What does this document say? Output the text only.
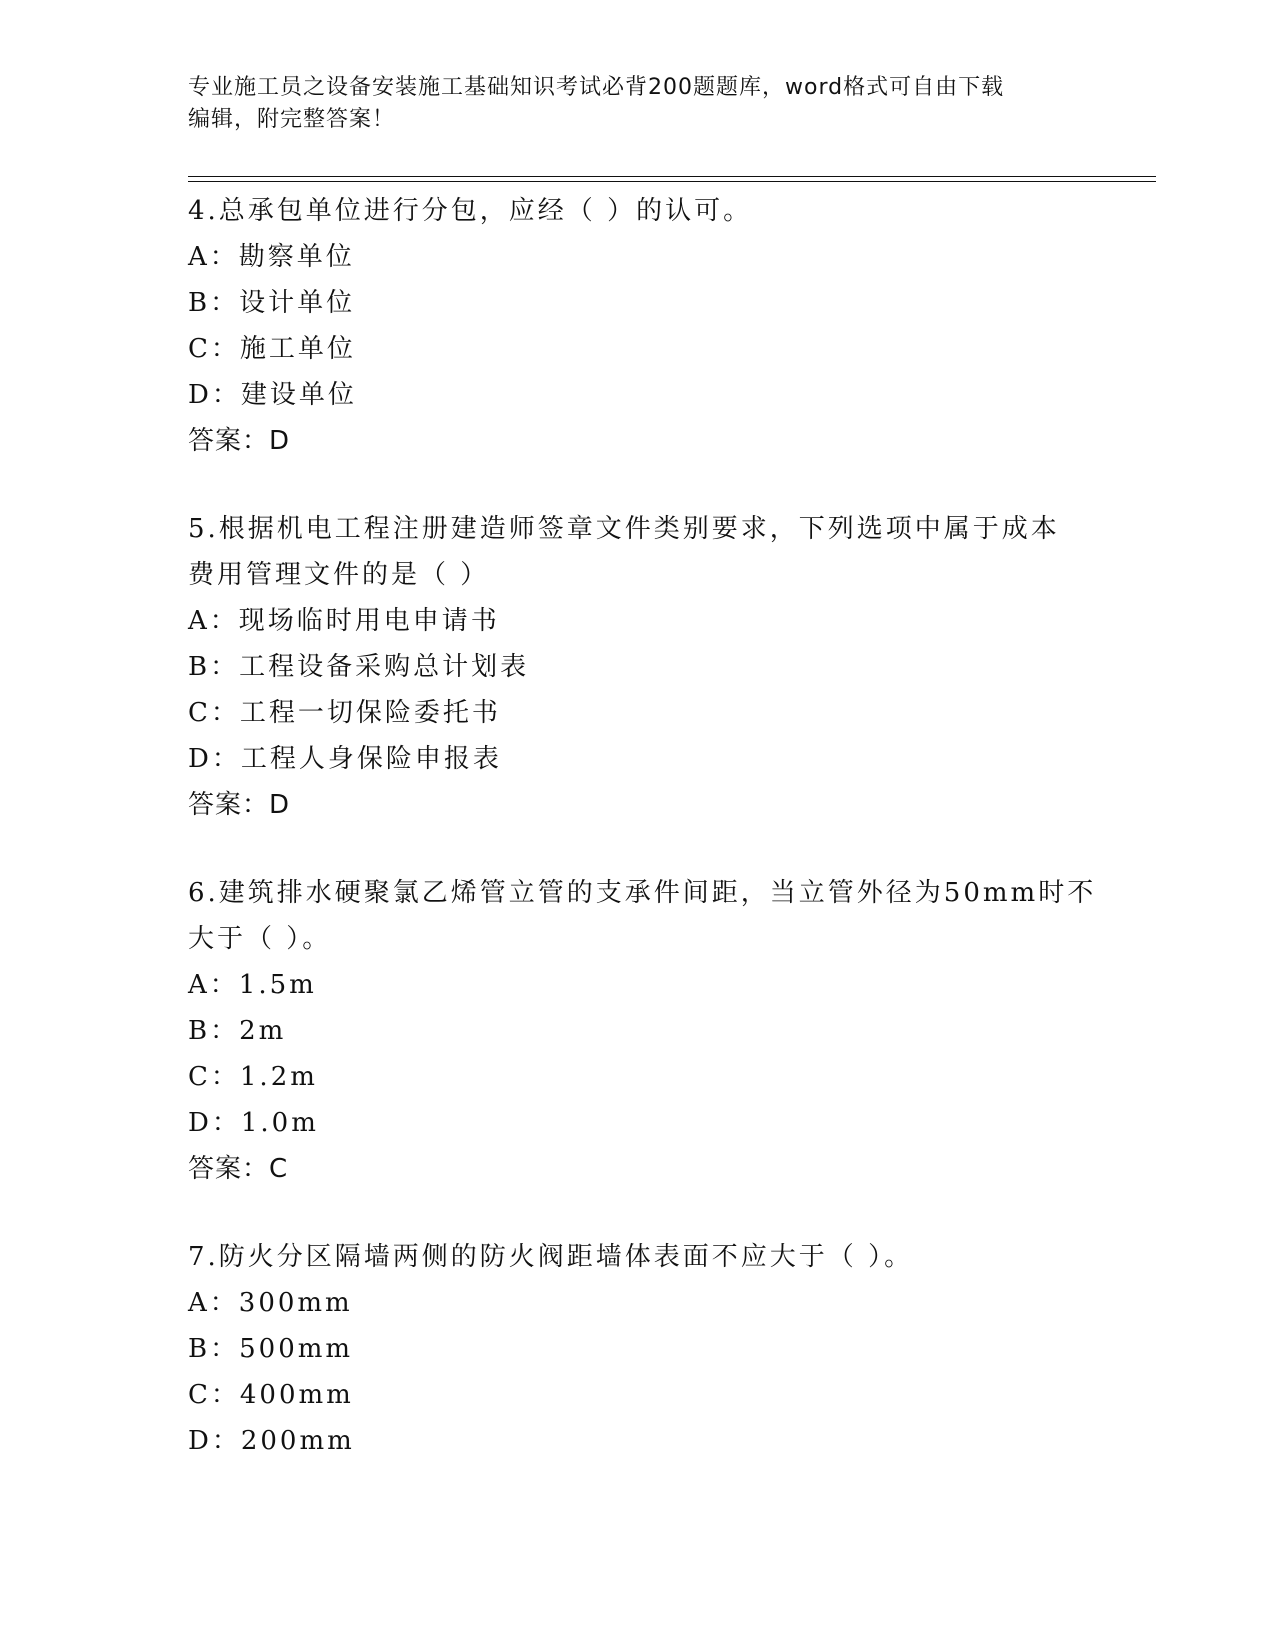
专业施工员之设备安装施工基础知识考试必背200题题库，word格式可自由下载
编辑，附完整答案！
4.总承包单位进行分包，应经（ ）的认可。
A：勘察单位
B：设计单位
C：施工单位
D：建设单位
答案：D
5.根据机电工程注册建造师签章文件类别要求，下列选项中属于成本
费用管理文件的是（ ）
A：现场临时用电申请书
B：工程设备采购总计划表
C：工程一切保险委托书
D：工程人身保险申报表
答案：D
6.建筑排水硬聚氯乙烯管立管的支承件间距，当立管外径为50mm时不
大于（ ）。
A：1.5m
B：2m
C：1.2m
D：1.0m
答案：C
7.防火分区隔墙两侧的防火阀距墙体表面不应大于（ ）。
A：300mm
B：500mm
C：400mm
D：200mm
